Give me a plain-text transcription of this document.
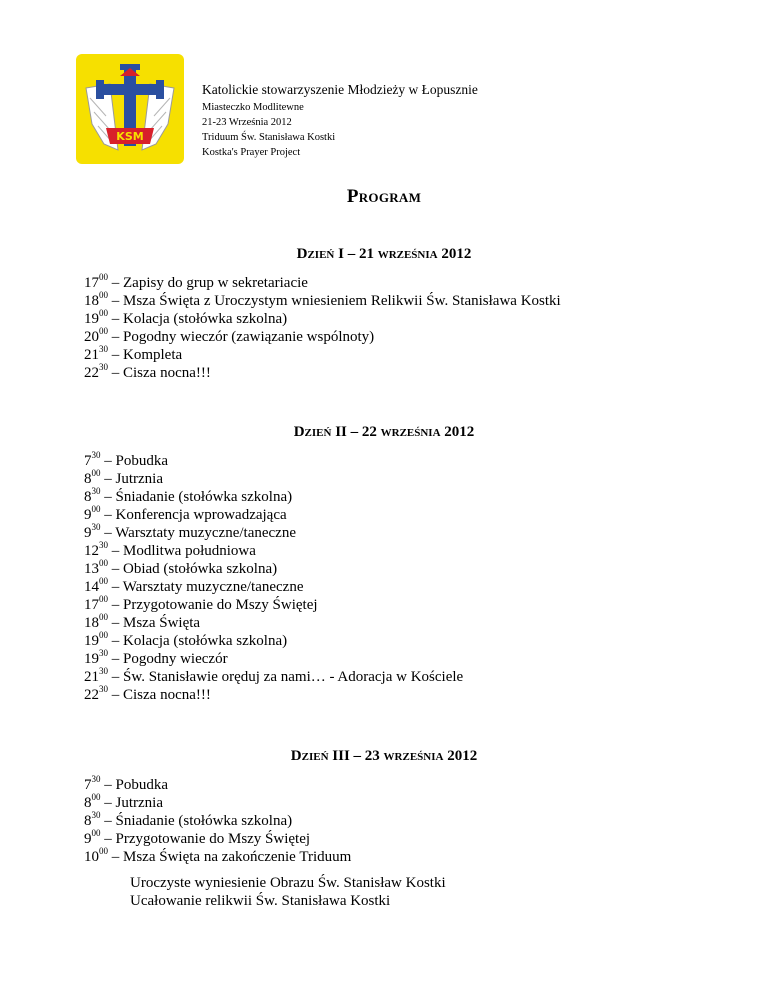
KSM
Katolickie stowarzyszenie Młodzieży w Łopusznie
Miasteczko Modlitewne
21-23 Września 2012
Triduum Św. Stanisława Kostki
Kostka's Prayer Project
Program
Dzień I – 21 września 2012
$17^{00}$ – Zapisy do grup w sekretariacie
$18^{00}$ – Msza Święta z Uroczystym wniesieniem Relikwii Św. Stanisława Kostki
$19^{00}$ – Kolacja (stołówka szkolna)
$20^{00}$ – Pogodny wieczór (zawiązanie wspólnoty)
$21^{30}$ – Kompleta
$22^{30}$ – Cisza nocna!!!
Dzień II – 22 września 2012
$7^{30}$ – Pobudka
$8^{00}$ – Jutrznia
$8^{30}$ – Śniadanie (stołówka szkolna)
$9^{00}$ – Konferencja wprowadzająca
$9^{30}$ – Warsztaty muzyczne/taneczne
$12^{30}$ – Modlitwa południowa
$13^{00}$ – Obiad (stołówka szkolna)
$14^{00}$ – Warsztaty muzyczne/taneczne
$17^{00}$ – Przygotowanie do Mszy Świętej
$18^{00}$ – Msza Święta
$19^{00}$ – Kolacja (stołówka szkolna)
$19^{30}$ – Pogodny wieczór
$21^{30}$ – Św. Stanisławie oręduj za nami… - Adoracja w Kościele
$22^{30}$ – Cisza nocna!!!
Dzień III – 23 września 2012
$7^{30}$ – Pobudka
$8^{00}$ – Jutrznia
$8^{30}$ – Śniadanie (stołówka szkolna)
$9^{00}$ – Przygotowanie do Mszy Świętej
$10^{00}$ – Msza Święta na zakończenie Triduum
Uroczyste wyniesienie Obrazu Św. Stanisław Kostki
Ucałowanie relikwii Św. Stanisława Kostki
